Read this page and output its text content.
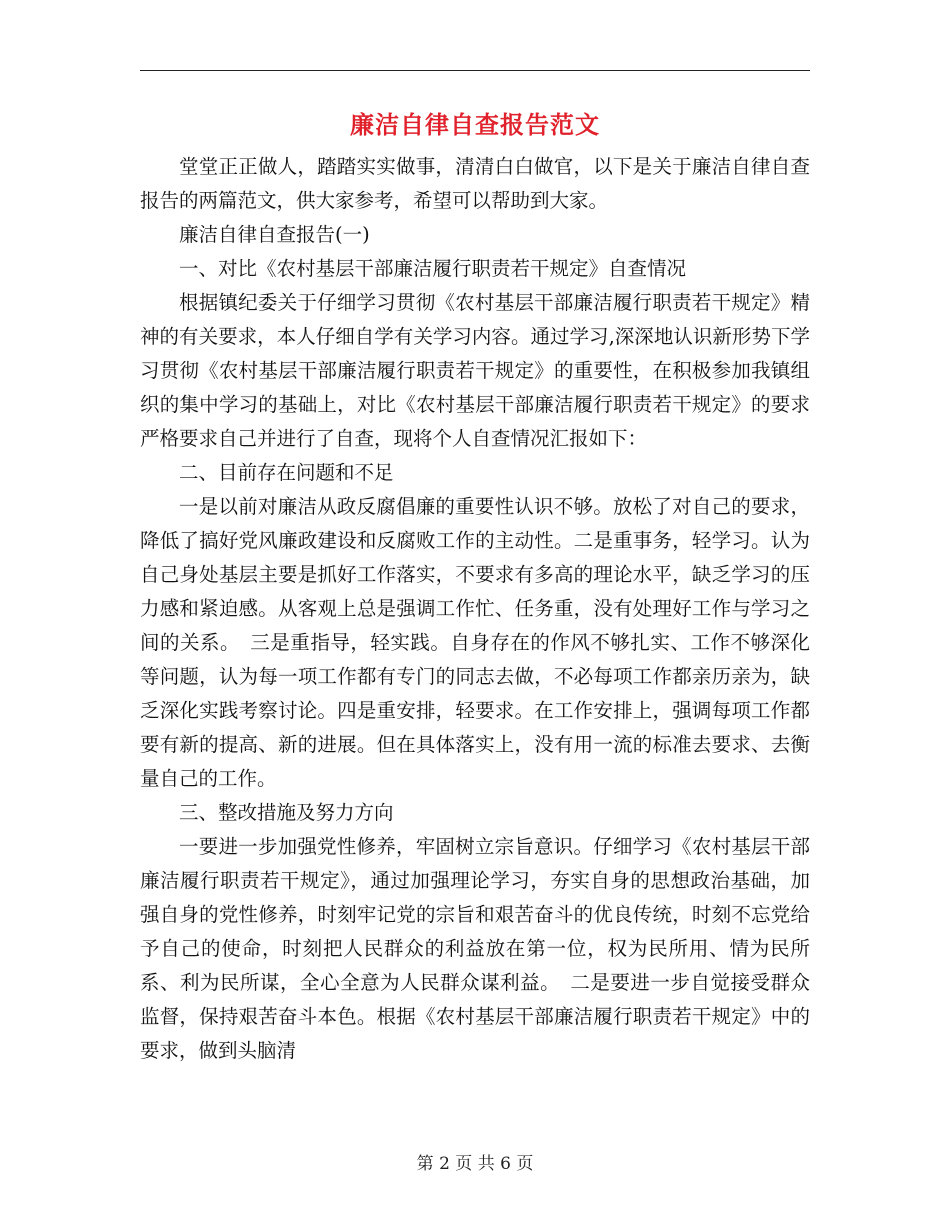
廉洁自律自查报告范文

堂堂正正做人，踏踏实实做事，清清白白做官，以下是关于廉洁自律自查报告的两篇范文，供大家参考，希望可以帮助到大家。

廉洁自律自查报告(一)

一、对比《农村基层干部廉洁履行职责若干规定》自查情况

根据镇纪委关于仔细学习贯彻《农村基层干部廉洁履行职责若干规定》精神的有关要求，本人仔细自学有关学习内容。通过学习,深深地认识新形势下学习贯彻《农村基层干部廉洁履行职责若干规定》的重要性，在积极参加我镇组织的集中学习的基础上，对比《农村基层干部廉洁履行职责若干规定》的要求严格要求自己并进行了自查，现将个人自查情况汇报如下：

二、目前存在问题和不足

一是以前对廉洁从政反腐倡廉的重要性认识不够。放松了对自己的要求，降低了搞好党风廉政建设和反腐败工作的主动性。二是重事务，轻学习。认为自己身处基层主要是抓好工作落实，不要求有多高的理论水平，缺乏学习的压力感和紧迫感。从客观上总是强调工作忙、任务重，没有处理好工作与学习之间的关系。　三是重指导，轻实践。自身存在的作风不够扎实、工作不够深化等问题，认为每一项工作都有专门的同志去做，不必每项工作都亲历亲为，缺乏深化实践考察讨论。四是重安排，轻要求。在工作安排上，强调每项工作都要有新的提高、新的进展。但在具体落实上，没有用一流的标准去要求、去衡量自己的工作。

三、整改措施及努力方向

一要进一步加强党性修养，牢固树立宗旨意识。仔细学习《农村基层干部廉洁履行职责若干规定》，通过加强理论学习，夯实自身的思想政治基础，加强自身的党性修养，时刻牢记党的宗旨和艰苦奋斗的优良传统，时刻不忘党给予自己的使命，时刻把人民群众的利益放在第一位，权为民所用、情为民所系、利为民所谋，全心全意为人民群众谋利益。　二是要进一步自觉接受群众监督，保持艰苦奋斗本色。根据《农村基层干部廉洁履行职责若干规定》中的要求，做到头脑清

第 2 页 共 6 页
